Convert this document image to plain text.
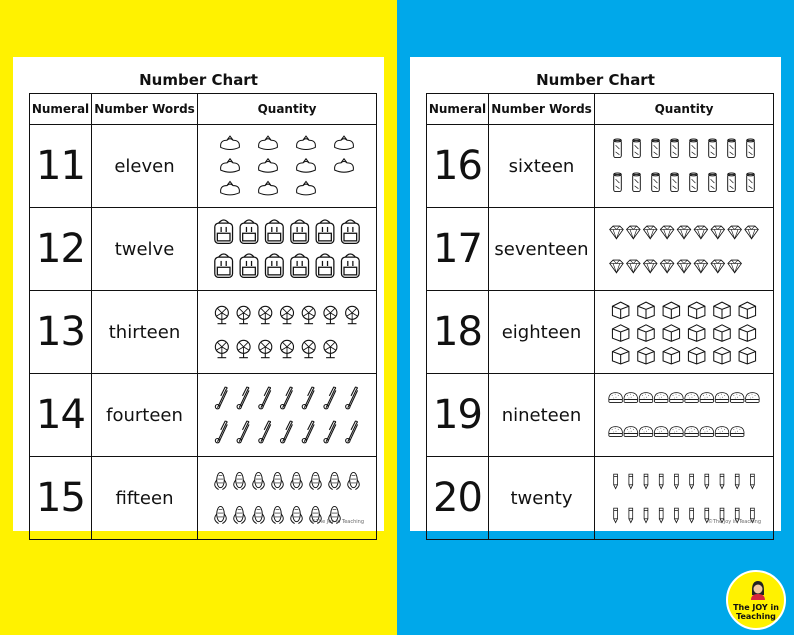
Number Chart
Numeral	Number Words	Quantity
11	eleven	

12	twelve	

13	thirteen	

14	fourteen	

15	fifteen	
©The Joy in Teaching
Number Chart
Numeral	Number Words	Quantity
16	sixteen	

17	seventeen	

18	eighteen	

19	nineteen	

20	twenty	
©The Joy in Teaching
The JOY in
Teaching
